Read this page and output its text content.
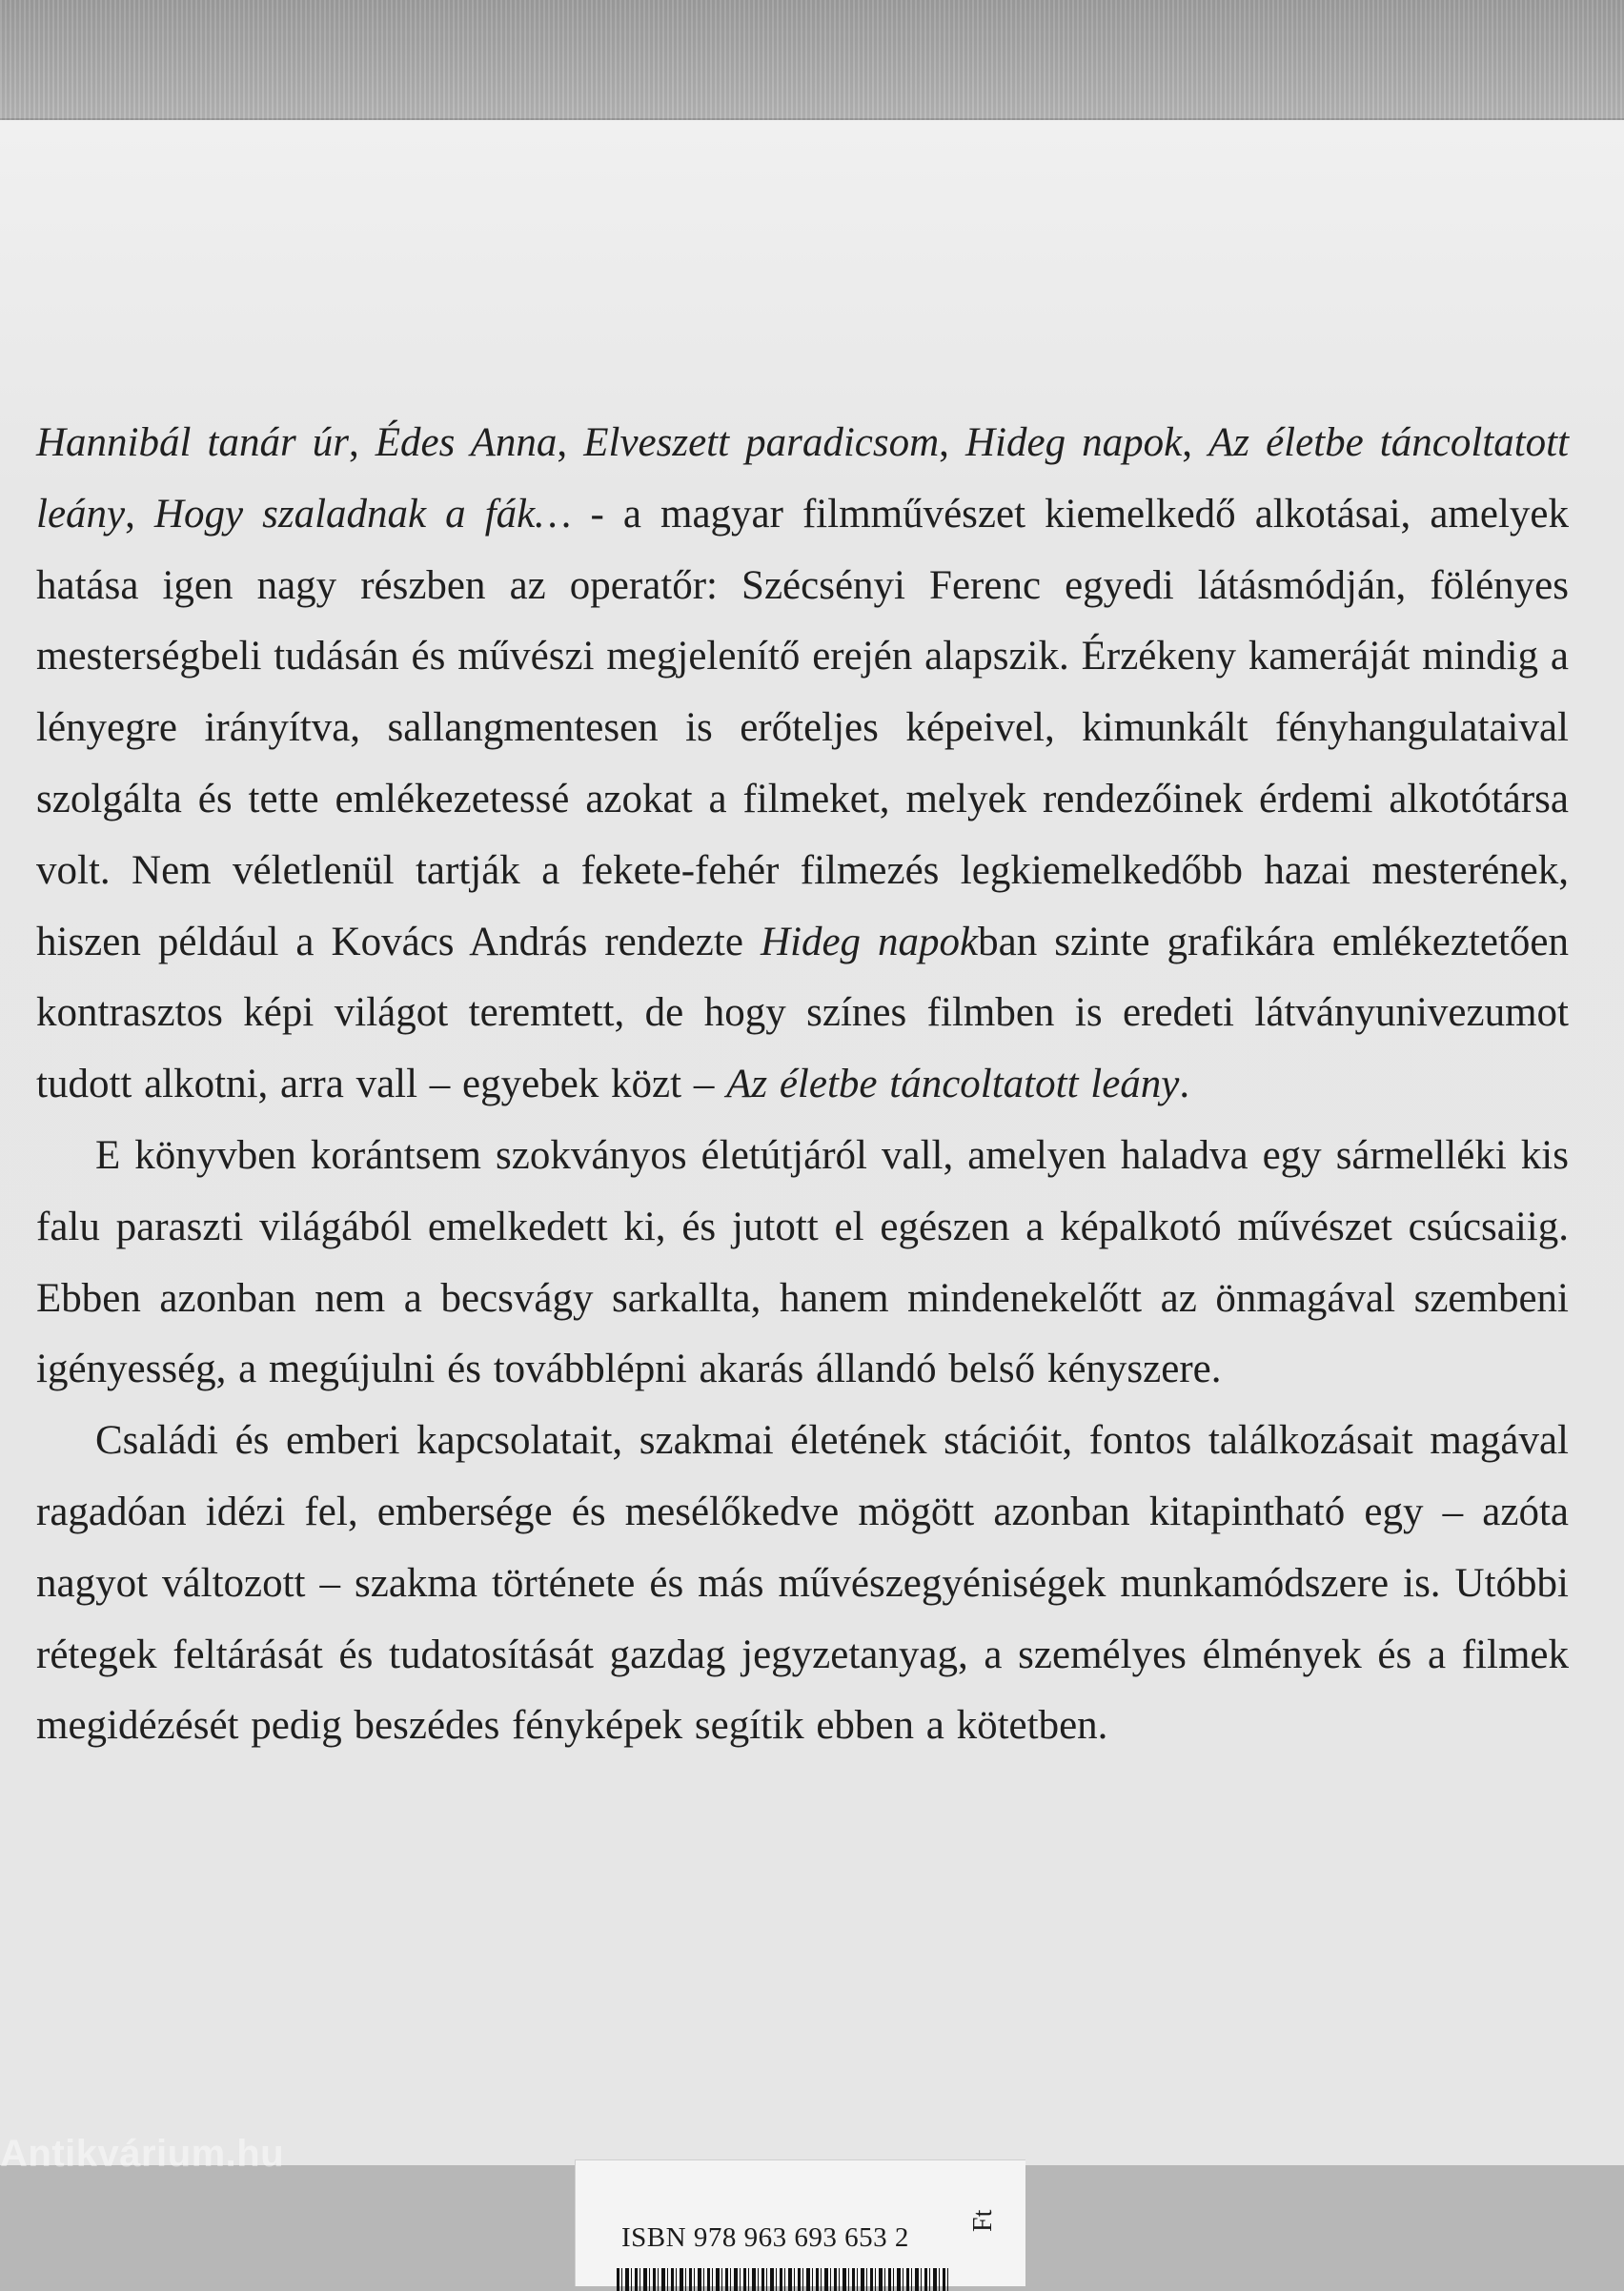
Hannibál tanár úr, Édes Anna, Elveszett paradicsom, Hideg napok, Az életbe táncoltatott leány, Hogy szaladnak a fák… - a magyar filmművészet kiemelkedő alkotásai, amelyek hatása igen nagy részben az operatőr: Szécsényi Ferenc egyedi látásmódján, fölényes mesterségbeli tudásán és művészi megjelenítő erején alapszik. Érzékeny kameráját mindig a lényegre irányítva, sallangmentesen is erőteljes képeivel, kimunkált fényhangulataival szolgálta és tette emlékezetessé azokat a filmeket, melyek rendezőinek érdemi alkotótársa volt. Nem véletlenül tartják a fekete-fehér filmezés legkiemelkedőbb hazai mesterének, hiszen például a Kovács András rendezte Hideg napokban szinte grafikára emlékeztetően kontrasztos képi világot teremtett, de hogy színes filmben is eredeti látványunivezumot tudott alkotni, arra vall – egyebek közt – Az életbe táncoltatott leány.

E könyvben korántsem szokványos életútjáról vall, amelyen haladva egy sármelléki kis falu paraszti világából emelkedett ki, és jutott el egészen a képalkotó művészet csúcsaiig. Ebben azonban nem a becsvágy sarkallta, hanem mindenekelőtt az önmagával szembeni igényesség, a megújulni és továbblépni akarás állandó belső kényszere.

Családi és emberi kapcsolatait, szakmai életének stációit, fontos találkozásait magával ragadóan idézi fel, embersége és mesélőkedve mögött azonban kitapintható egy – azóta nagyot változott – szakma története és más művészegyéniségek munkamódszere is. Utóbbi rétegek feltárását és tudatosítását gazdag jegyzetanyag, a személyes élmények és a filmek megidézését pedig beszédes fényképek segítik ebben a kötetben.

ISBN 978 963 693 653 2
Ft
Antikvárium.hu
